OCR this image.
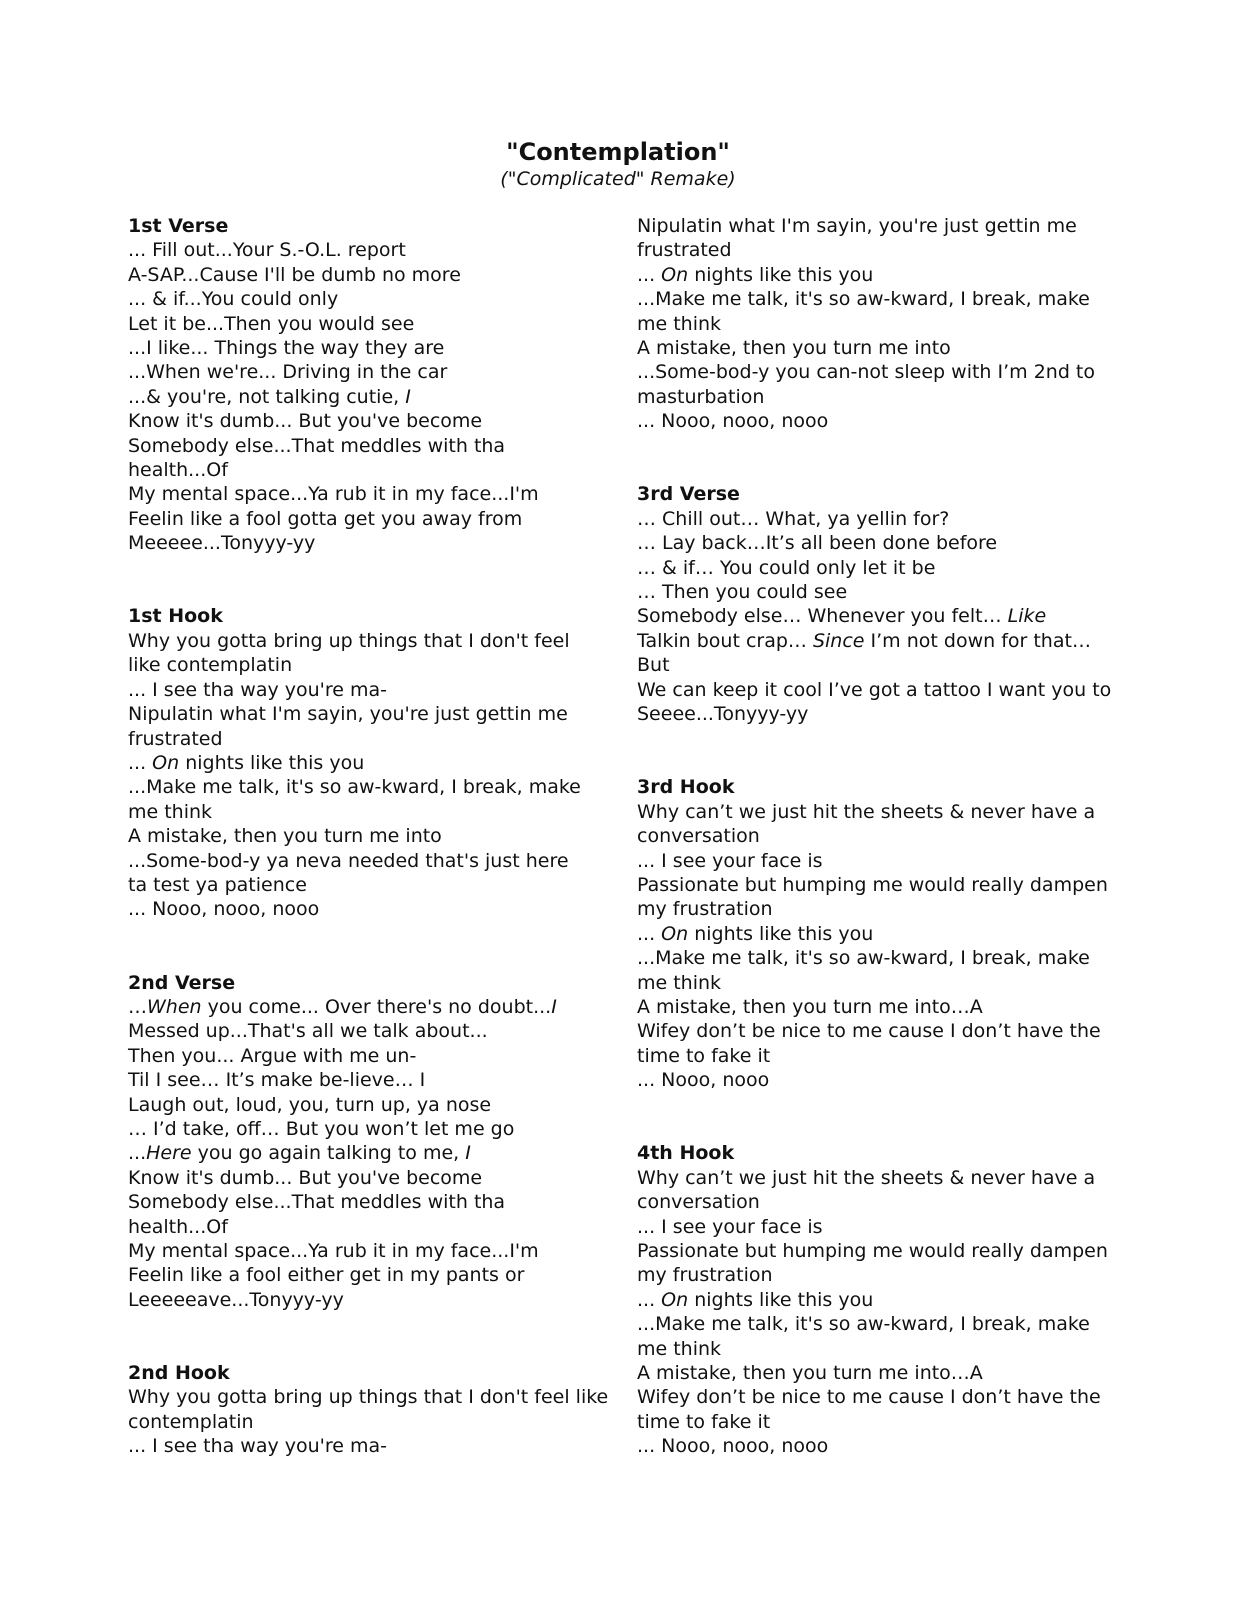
"Contemplation"
("Complicated" Remake)
1st Verse
... Fill out...Your S.-O.L. report
A-SAP...Cause I'll be dumb no more
... & if...You could only
Let it be...Then you would see
...I like... Things the way they are
...When we're... Driving in the car
...& you're, not talking cutie, I
Know it's dumb... But you've become
Somebody else...That meddles with tha
health...Of
My mental space...Ya rub it in my face...I'm
Feelin like a fool gotta get you away from
Meeeee...Tonyyy-yy
1st Hook
Why you gotta bring up things that I don't feel
like contemplatin
... I see tha way you're ma-
Nipulatin what I'm sayin, you're just gettin me
frustrated
... On nights like this you
...Make me talk, it's so aw-kward, I break, make
me think
A mistake, then you turn me into
...Some-bod-y ya neva needed that's just here
ta test ya patience
... Nooo, nooo, nooo
2nd Verse
…When you come... Over there's no doubt...I
Messed up...That's all we talk about...
Then you... Argue with me un-
Til I see… It’s make be-lieve… I
Laugh out, loud, you, turn up, ya nose
… I’d take, off… But you won’t let me go
...Here you go again talking to me, I
Know it's dumb... But you've become
Somebody else...That meddles with tha
health...Of
My mental space...Ya rub it in my face...I'm
Feelin like a fool either get in my pants or
Leeeeeave...Tonyyy-yy
2nd Hook
Why you gotta bring up things that I don't feel like
contemplatin
... I see tha way you're ma-
Nipulatin what I'm sayin, you're just gettin me
frustrated
... On nights like this you
...Make me talk, it's so aw-kward, I break, make
me think
A mistake, then you turn me into
...Some-bod-y you can-not sleep with I’m 2nd to
masturbation
... Nooo, nooo, nooo
3rd Verse
… Chill out… What, ya yellin for?
… Lay back…It’s all been done before
… & if… You could only let it be
… Then you could see
Somebody else… Whenever you felt… Like
Talkin bout crap… Since I’m not down for that…
But
We can keep it cool I’ve got a tattoo I want you to
Seeee...Tonyyy-yy
3rd Hook
Why can’t we just hit the sheets & never have a
conversation
... I see your face is
Passionate but humping me would really dampen
my frustration
... On nights like this you
...Make me talk, it's so aw-kward, I break, make
me think
A mistake, then you turn me into…A
Wifey don’t be nice to me cause I don’t have the
time to fake it
... Nooo, nooo
4th Hook
Why can’t we just hit the sheets & never have a
conversation
... I see your face is
Passionate but humping me would really dampen
my frustration
... On nights like this you
...Make me talk, it's so aw-kward, I break, make
me think
A mistake, then you turn me into…A
Wifey don’t be nice to me cause I don’t have the
time to fake it
... Nooo, nooo, nooo
